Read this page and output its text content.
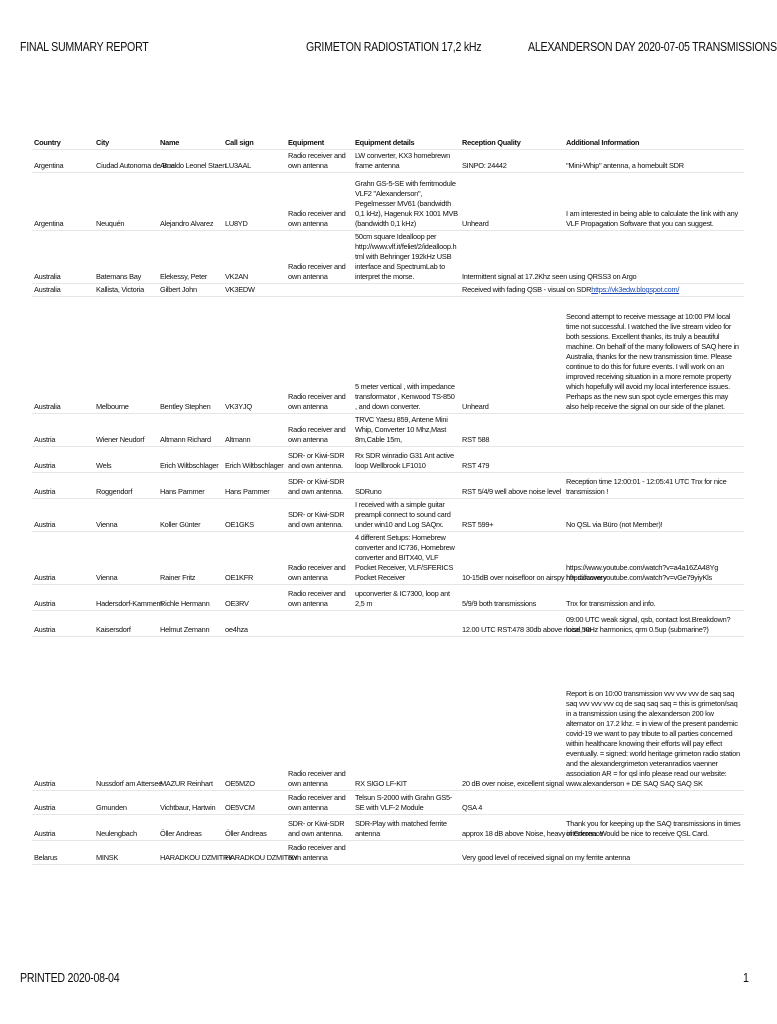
FINAL SUMMARY REPORT	GRIMETON RADIOSTATION 17,2 kHz	ALEXANDERSON DAY 2020-07-05 TRANSMISSIONS
Country	City	Name	Call sign	Equipment	Equipment details	Reception Quality	Additional Information
Argentina	Ciudad Autonoma de Bue	Arnaldo Leonel Staen	LU3AAL	Radio receiver and own antenna	LW converter, KX3 homebrewn frame antenna	SINPO: 24442	"Mini-Whip" antenna, a homebuilt SDR
Argentina	Neuquén	Alejandro Alvarez	LU8YD	Radio receiver and own antenna	Grahn GS-5-SE with ferritmodule VLF2 "Alexanderson", Pegelmesser MV61 (bandwidth 0,1 kHz), Hagenuk RX 1001 MVB (bandwidth 0,1 kHz)	Unheard	I am interested in being able to calculate the link with any VLF Propagation Software that you can suggest.
Australia	Batemans Bay	Elekessy, Peter	VK2AN	Radio receiver and own antenna	50cm square Idealloop per http://www.vlf.it/feliet/2/idealloop.html with Behringer 192kHz USB interface and SpectrumLab to interpret the morse.	Intermittent signal at 17.2Khz seen using QRSS3 on Argo	
Australia	Kallista, Victoria	Gilbert John	VK3EDW			Received with fading QSB - visual on SDRhttps://vk3edw.blogspot.com/	
Australia	Melbourne	Bentley Stephen	VK3YJQ	Radio receiver and own antenna	5 meter vertical , with impedance transformator , Kenwood TS-850 , and down converter.	Unheard	Second attempt to receive message at 10:00 PM local time not successful. I watched the live stream video for both sessions. Excellent thanks, its truly a beautiful machine. On behalf of the many followers of SAQ here in Australia, thanks for the new transmission time. Please continue to do this for future events. I will work on an improved receiving situation in a more remote property which hopefully will avoid my local interference issues. Perhaps as the new sun spot cycle emerges this may also help receive the signal on our side of the planet.
Austria	Wiener Neudorf	Altmann Richard	Altmann	Radio receiver and own antenna	TRVC Yaesu 859, Antene Mini Whip, Converter 10 Mhz,Mast 8m,Cable 15m,	RST 588	
Austria	Wels	Erich Wiltbschlager	Erich Wiltbschlager	SDR- or Kiwi-SDR and own antenna.	Rx SDR winradio G31 Ant active loop Wellbrook LF1010	RST 479	
Austria	Roggendorf	Hans Pammer	Hans Pammer	SDR- or Kiwi-SDR and own antenna.	SDRuno	RST 5/4/9 well above noise level	Reception time 12:00:01 - 12:05:41 UTC Tnx for nice transmission !
Austria	Vienna	Koller Günter	OE1GKS	SDR- or Kiwi-SDR and own antenna.	I received with a simple guitar preampli connect to sound card under win10 and Log SAQrx.	RST 599+	No QSL via Büro (not Member)!
Austria	Vienna	Rainer Fritz	OE1KFR	Radio receiver and own antenna	4 different Setups: Homebrew converter and IC736, Homebrew converter and BITX40, VLF Pocket Receiver, VLF/SFERICS Pocket Receiver	10-15dB over noisefloor on airspy hf+ discovery	https://www.youtube.com/watch?v=a4a16ZA48Yg https://www.youtube.com/watch?v=vGe79yiyKls
Austria	Hadersdorf-Kammern	Richle Hermann	OE3RV	Radio receiver and own antenna	upconverter & IC7300, loop ant 2,5 m	5/9/9 both transmissions	Tnx for transmission and info.
Austria	Kaisersdorf	Helmut Zemann	oe4hza			12.00 UTC RST:478 30db above noise, no	09:00 UTC weak signal, qsb, contact lost.Breakdown? local 50Hz harmonics, qrm 0.5up (submarine?)
Austria	Nussdorf am Attersee	MAZUR Reinhart	OE5MZO	Radio receiver and own antenna	RX SIGO LF-KIT	20 dB over noise, excellent signal	Report is on 10:00 transmission vvv vvv vvv de saq saq saq vvv vvv vvv cq de saq saq saq = this is grimeton/saq in a transmission using the alexanderson 200 kw alternator on 17.2 khz. = in view of the present pandemic covid-19 we want to pay tribute to all parties concerned within healthcare knowing their efforts will pay effect eventually. = signed: world heritage grimeton radio station and the alexandergrimeton veteranradios vaenner association AR = for qsl info please read our website: www.alexanderson + DE SAQ SAQ SAQ SK
Austria	Gmunden	Vichtbaur, Hartwin	OE5VCM	Radio receiver and own antenna	Telsun S-2000 with Grahn GS5-SE with VLF-2 Module	QSA 4	
Austria	Neulengbach	Öller Andreas	Öller Andreas	SDR- or Kiwi-SDR and own antenna.	SDR-Play with matched ferrite antenna	approx 18 dB above Noise, heavy interference	Thank you for keeping up the SAQ transmissions in times of Corona. Would be nice to receive QSL Card.
Belarus	MINSK	HARADKOU DZMITRY	HARADKOU DZMITRY	Radio receiver and own antenna		Very good level of received signal on my ferrite antenna	
PRINTED 2020-08-04	1
